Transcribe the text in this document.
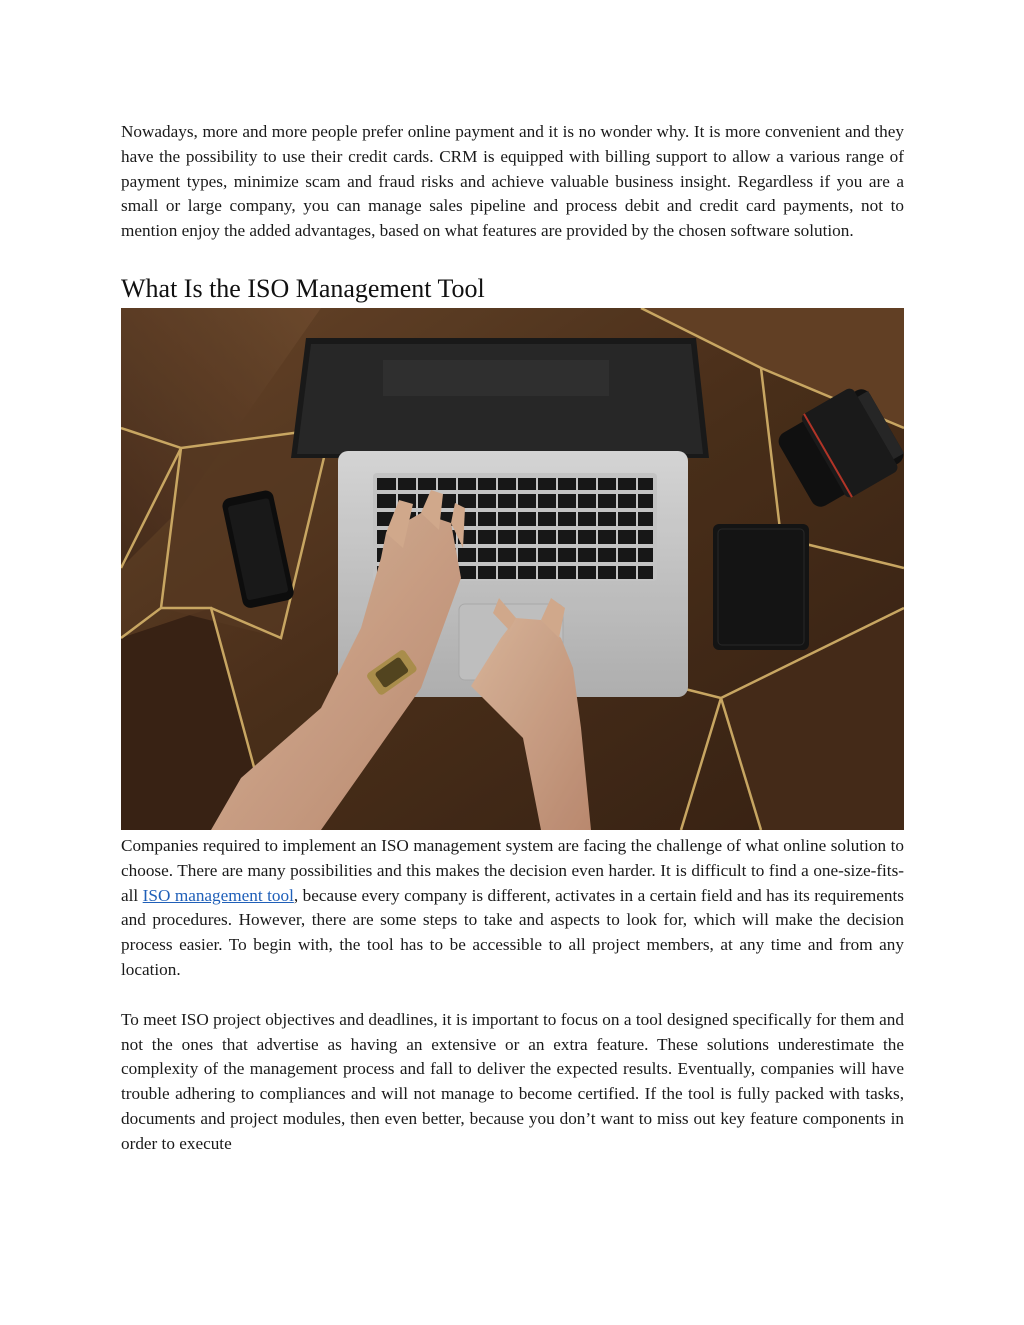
Nowadays, more and more people prefer online payment and it is no wonder why. It is more convenient and they have the possibility to use their credit cards. CRM is equipped with billing support to allow a various range of payment types, minimize scam and fraud risks and achieve valuable business insight. Regardless if you are a small or large company, you can manage sales pipeline and process debit and credit card payments, not to mention enjoy the added advantages, based on what features are provided by the chosen software solution.

What Is the ISO Management Tool

Companies required to implement an ISO management system are facing the challenge of what online solution to choose. There are many possibilities and this makes the decision even harder. It is difficult to find a one-size-fits-all ISO management tool, because every company is different, activates in a certain field and has its requirements and procedures. However, there are some steps to take and aspects to look for, which will make the decision process easier. To begin with, the tool has to be accessible to all project members, at any time and from any location.

To meet ISO project objectives and deadlines, it is important to focus on a tool designed specifically for them and not the ones that advertise as having an extensive or an extra feature. These solutions underestimate the complexity of the management process and fall to deliver the expected results. Eventually, companies will have trouble adhering to compliances and will not manage to become certified. If the tool is fully packed with tasks, documents and project modules, then even better, because you don’t want to miss out key feature components in order to execute
